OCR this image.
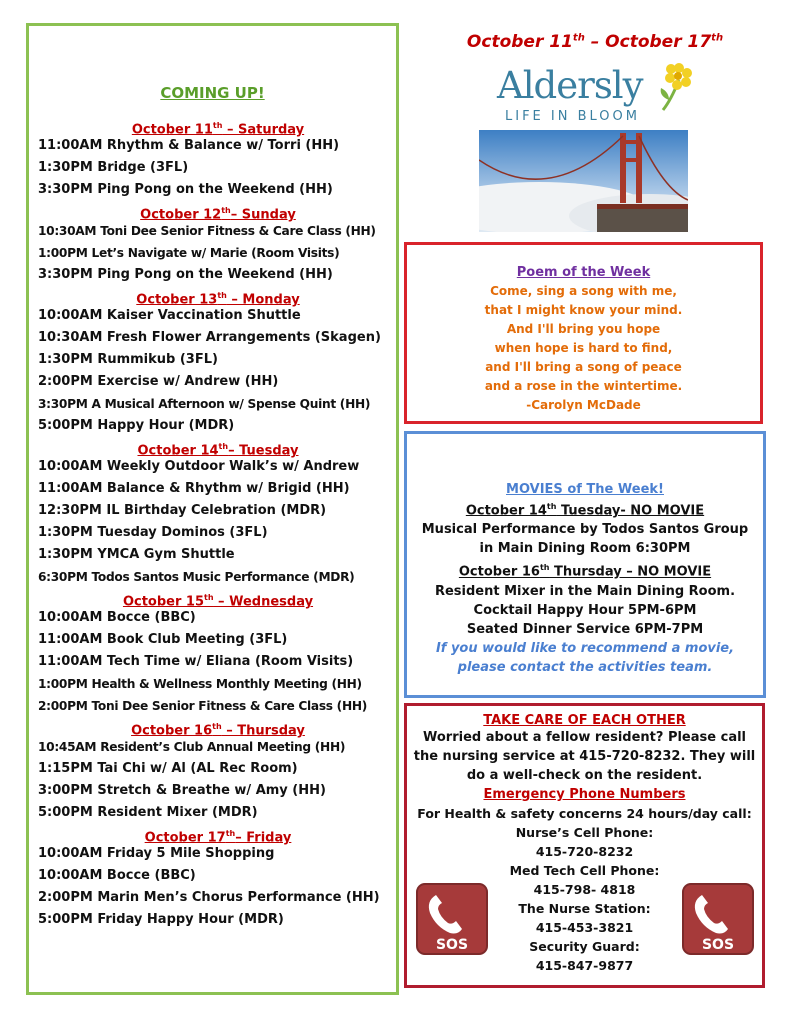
COMING UP!
October 11th – Saturday
11:00AM Rhythm & Balance w/ Torri (HH)
1:30PM Bridge (3FL)
3:30PM Ping Pong on the Weekend (HH)
October 12th– Sunday
10:30AM Toni Dee Senior Fitness & Care Class (HH)
1:00PM Let’s Navigate w/ Marie (Room Visits)
3:30PM Ping Pong on the Weekend (HH)
October 13th – Monday
10:00AM Kaiser Vaccination Shuttle
10:30AM Fresh Flower Arrangements (Skagen)
1:30PM Rummikub (3FL)
2:00PM Exercise w/ Andrew (HH)
3:30PM A Musical Afternoon w/ Spense Quint (HH)
5:00PM Happy Hour (MDR)
October 14th– Tuesday
10:00AM Weekly Outdoor Walk’s w/ Andrew
11:00AM Balance & Rhythm w/ Brigid (HH)
12:30PM IL Birthday Celebration (MDR)
1:30PM Tuesday Dominos (3FL)
1:30PM YMCA Gym Shuttle
6:30PM Todos Santos Music Performance (MDR)
October 15th – Wednesday
10:00AM Bocce (BBC)
11:00AM Book Club Meeting (3FL)
11:00AM Tech Time w/ Eliana (Room Visits)
1:00PM Health & Wellness Monthly Meeting (HH)
2:00PM Toni Dee Senior Fitness & Care Class (HH)
October 16th – Thursday
10:45AM Resident’s Club Annual Meeting (HH)
1:15PM Tai Chi w/ Al (AL Rec Room)
3:00PM Stretch & Breathe w/ Amy (HH)
5:00PM Resident Mixer (MDR)
October 17th– Friday
10:00AM Friday 5 Mile Shopping
10:00AM Bocce (BBC)
2:00PM Marin Men’s Chorus Performance (HH)
5:00PM Friday Happy Hour (MDR)
October 11th – October 17th
Aldersly
LIFE IN BLOOM
Poem of the Week
Come, sing a song with me,
that I might know your mind.
And I'll bring you hope
when hope is hard to find,
and I'll bring a song of peace
and a rose in the wintertime.
-Carolyn McDade
MOVIES of The Week!
October 14th Tuesday- NO MOVIE
Musical Performance by Todos Santos Group
in Main Dining Room 6:30PM
October 16th Thursday – NO MOVIE
Resident Mixer in the Main Dining Room.
Cocktail Happy Hour 5PM-6PM
Seated Dinner Service 6PM-7PM
If you would like to recommend a movie,
please contact the activities team.
TAKE CARE OF EACH OTHER
Worried about a fellow resident? Please call
the nursing service at 415-720-8232. They will
do a well-check on the resident.
Emergency Phone Numbers
For Health & safety concerns 24 hours/day call:
Nurse’s Cell Phone:
415-720-8232
Med Tech Cell Phone:
415-798- 4818
The Nurse Station:
415-453-3821
Security Guard:
415-847-9877
SOS	SOS
